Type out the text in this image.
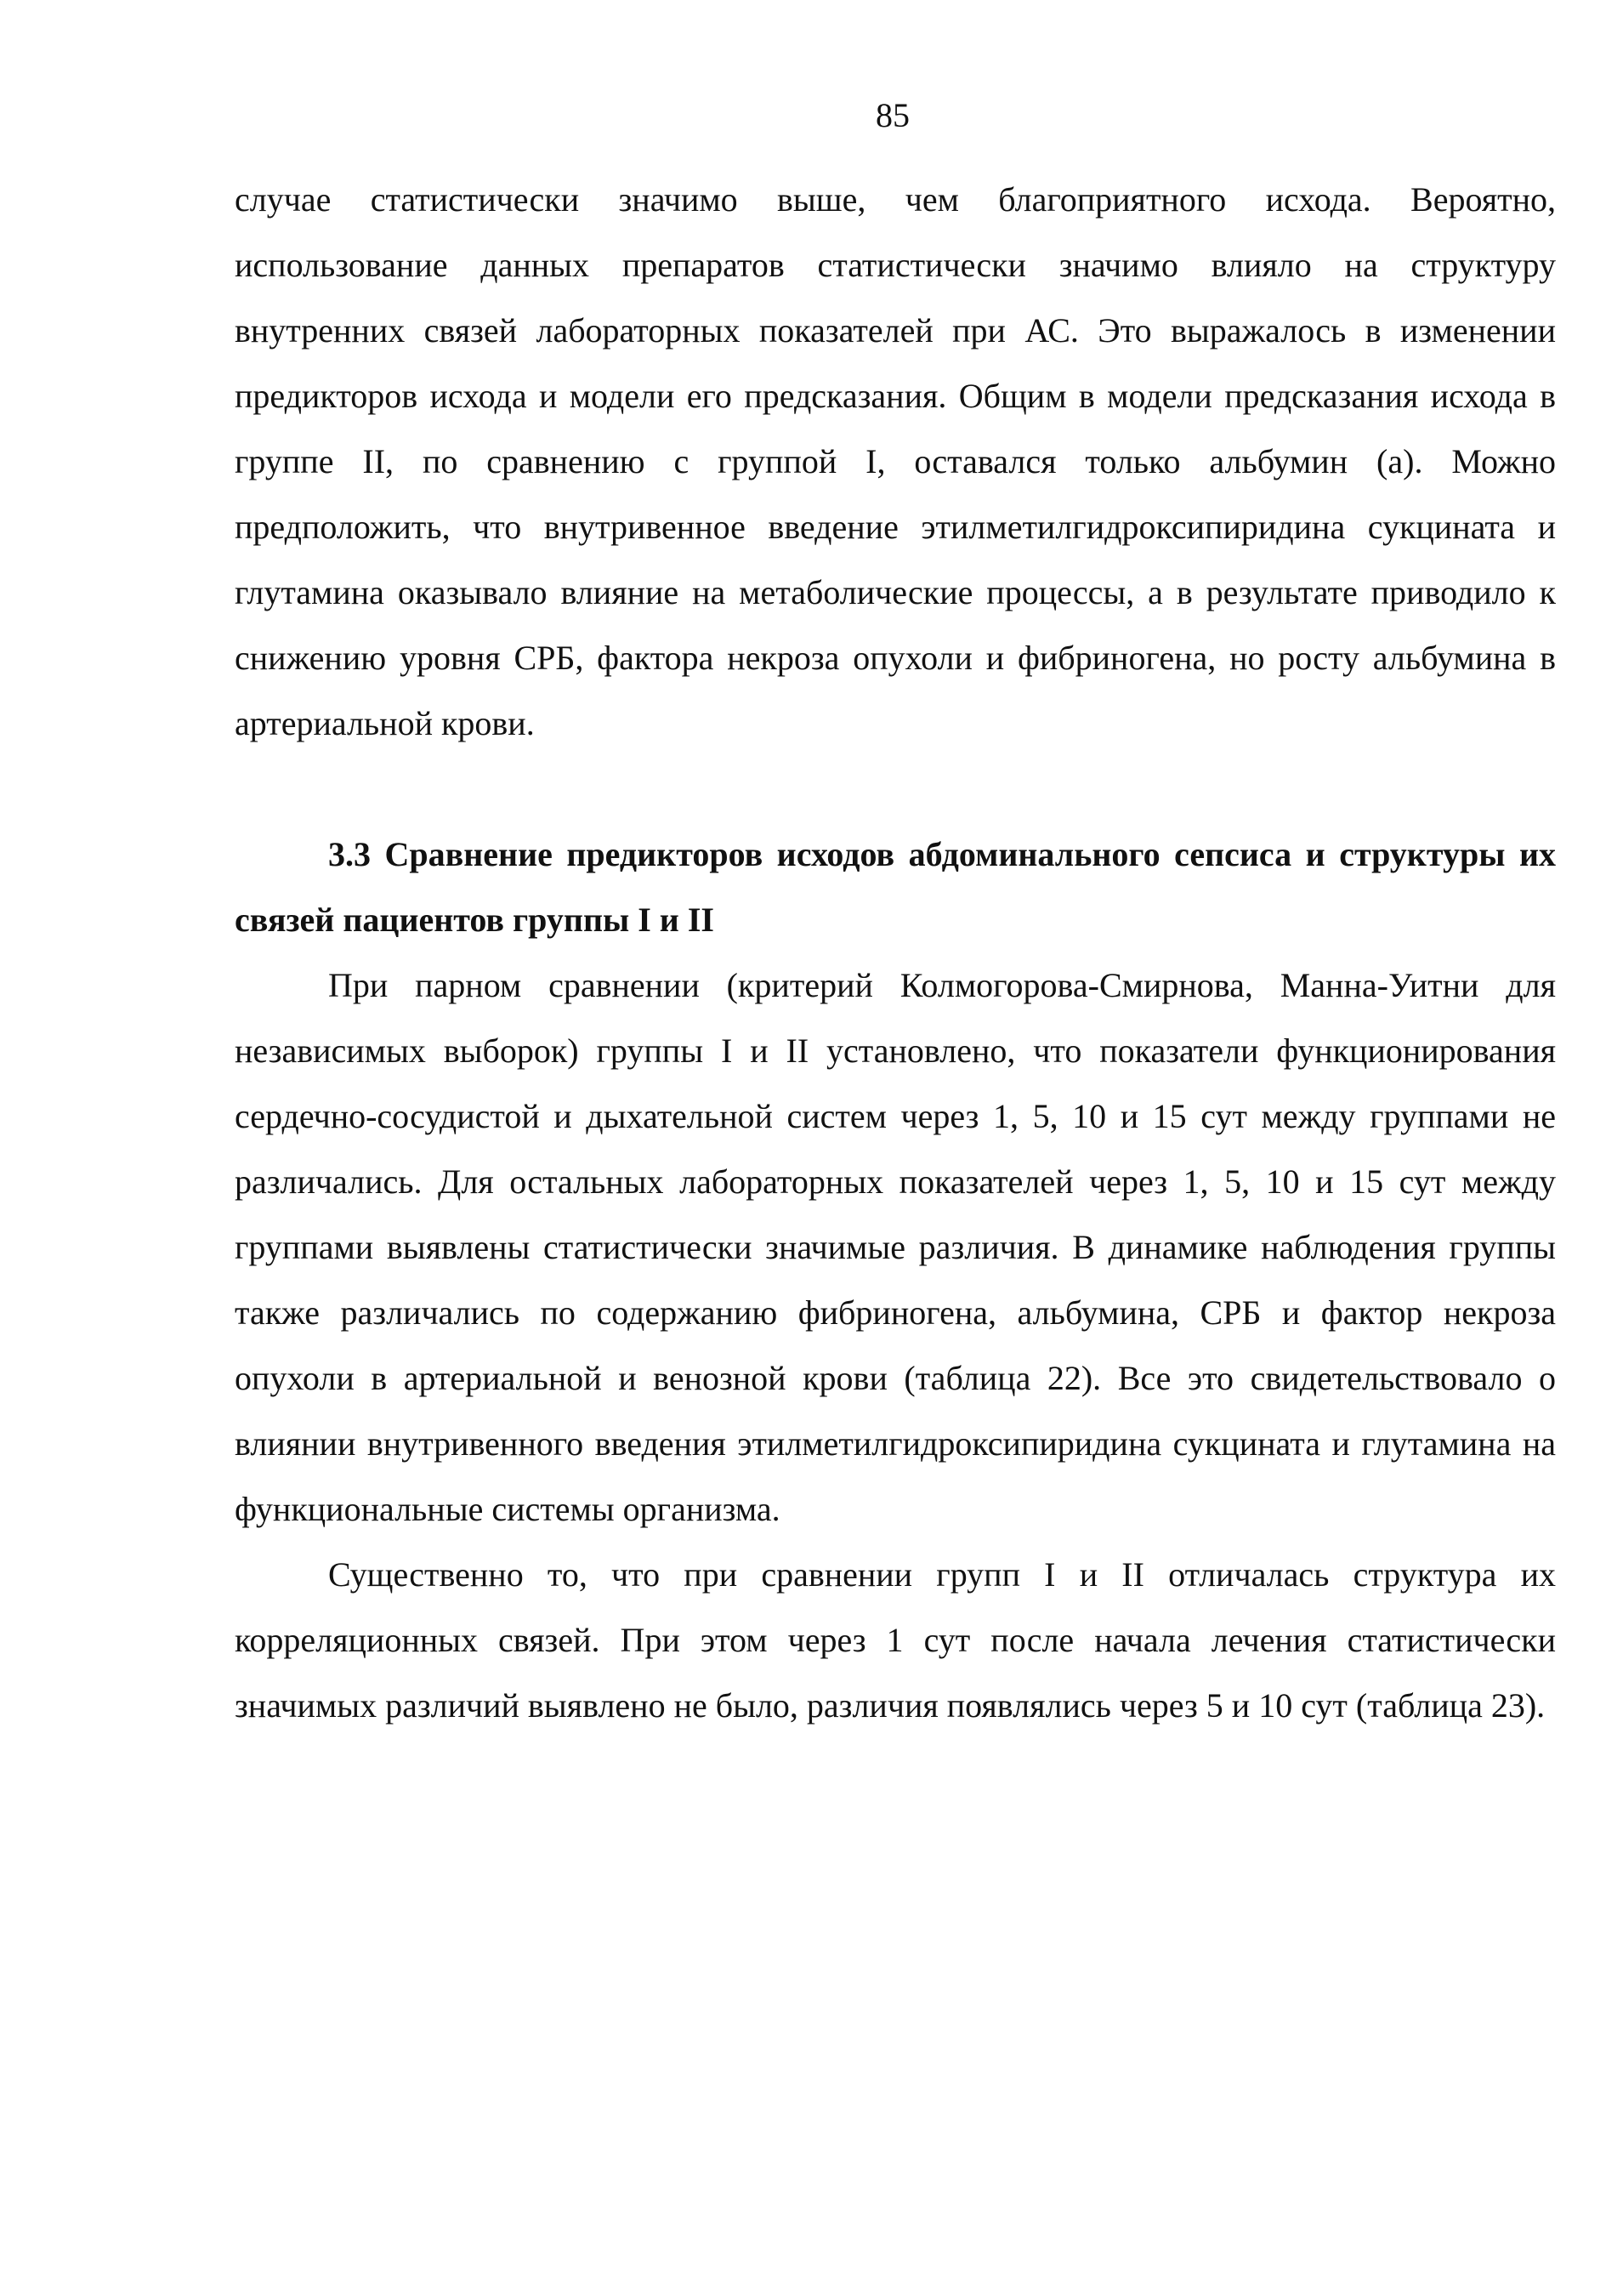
85

случае статистически значимо выше, чем благоприятного исхода. Вероятно, использование данных препаратов статистически значимо влияло на структуру внутренних связей лабораторных показателей при АС. Это выражалось в изменении предикторов исхода и модели его предсказания. Общим в модели предсказания исхода в группе II, по сравнению с группой I, оставался только альбумин (а). Можно предположить, что внутривенное введение этилметилгидроксипиридина сукцината и глутамина оказывало влияние на метаболические процессы, а в результате приводило к снижению уровня СРБ, фактора некроза опухоли и фибриногена, но росту альбумина в артериальной крови.

3.3 Сравнение предикторов исходов абдоминального сепсиса и структуры их связей пациентов группы I и II

При парном сравнении (критерий Колмогорова-Смирнова, Манна-Уитни для независимых выборок) группы I и II установлено, что показатели функционирования сердечно-сосудистой и дыхательной систем через 1, 5, 10 и 15 сут между группами не различались. Для остальных лабораторных показателей через 1, 5, 10 и 15 сут между группами выявлены статистически значимые различия. В динамике наблюдения группы также различались по содержанию фибриногена, альбумина, СРБ и фактор некроза опухоли в артериальной и венозной крови (таблица 22). Все это свидетельствовало о влиянии внутривенного введения этилметилгидроксипиридина сукцината и глутамина на функциональные системы организма.

Существенно то, что при сравнении групп I и II отличалась структура их корреляционных связей. При этом через 1 сут после начала лечения статистически значимых различий выявлено не было, различия появлялись через 5 и 10 сут (таблица 23).
